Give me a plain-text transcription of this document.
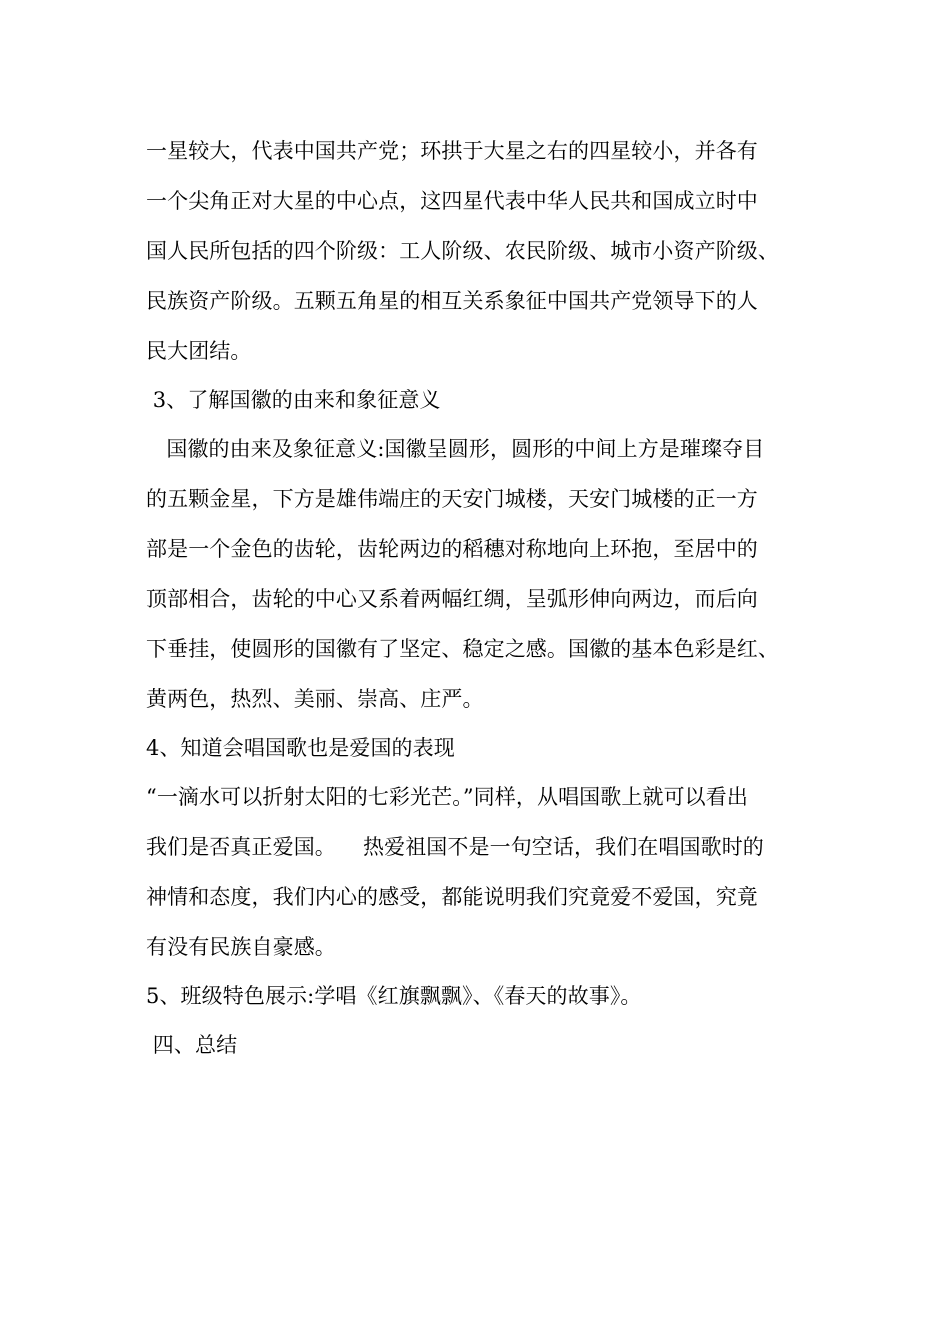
一星较大，代表中国共产党；环拱于大星之右的四星较小，并各有
一个尖角正对大星的中心点，这四星代表中华人民共和国成立时中
国人民所包括的四个阶级：工人阶级、农民阶级、城市小资产阶级、
民族资产阶级。五颗五角星的相互关系象征中国共产党领导下的人
民大团结。
3、了解国徽的由来和象征意义
国徽的由来及象征意义:国徽呈圆形，圆形的中间上方是璀璨夺目
的五颗金星，下方是雄伟端庄的天安门城楼，天安门城楼的正一方
部是一个金色的齿轮，齿轮两边的稻穗对称地向上环抱，至居中的
顶部相合，齿轮的中心又系着两幅红绸，呈弧形伸向两边，而后向
下垂挂，使圆形的国徽有了坚定、稳定之感。国徽的基本色彩是红、
黄两色，热烈、美丽、崇高、庄严。
4、知道会唱国歌也是爱国的表现
“一滴水可以折射太阳的七彩光芒。”同样，从唱国歌上就可以看出
我们是否真正爱国。    热爱祖国不是一句空话，我们在唱国歌时的
神情和态度，我们内心的感受，都能说明我们究竟爱不爱国，究竟
有没有民族自豪感。
5、班级特色展示:学唱《红旗飘飘》、《春天的故事》。
四、总结
